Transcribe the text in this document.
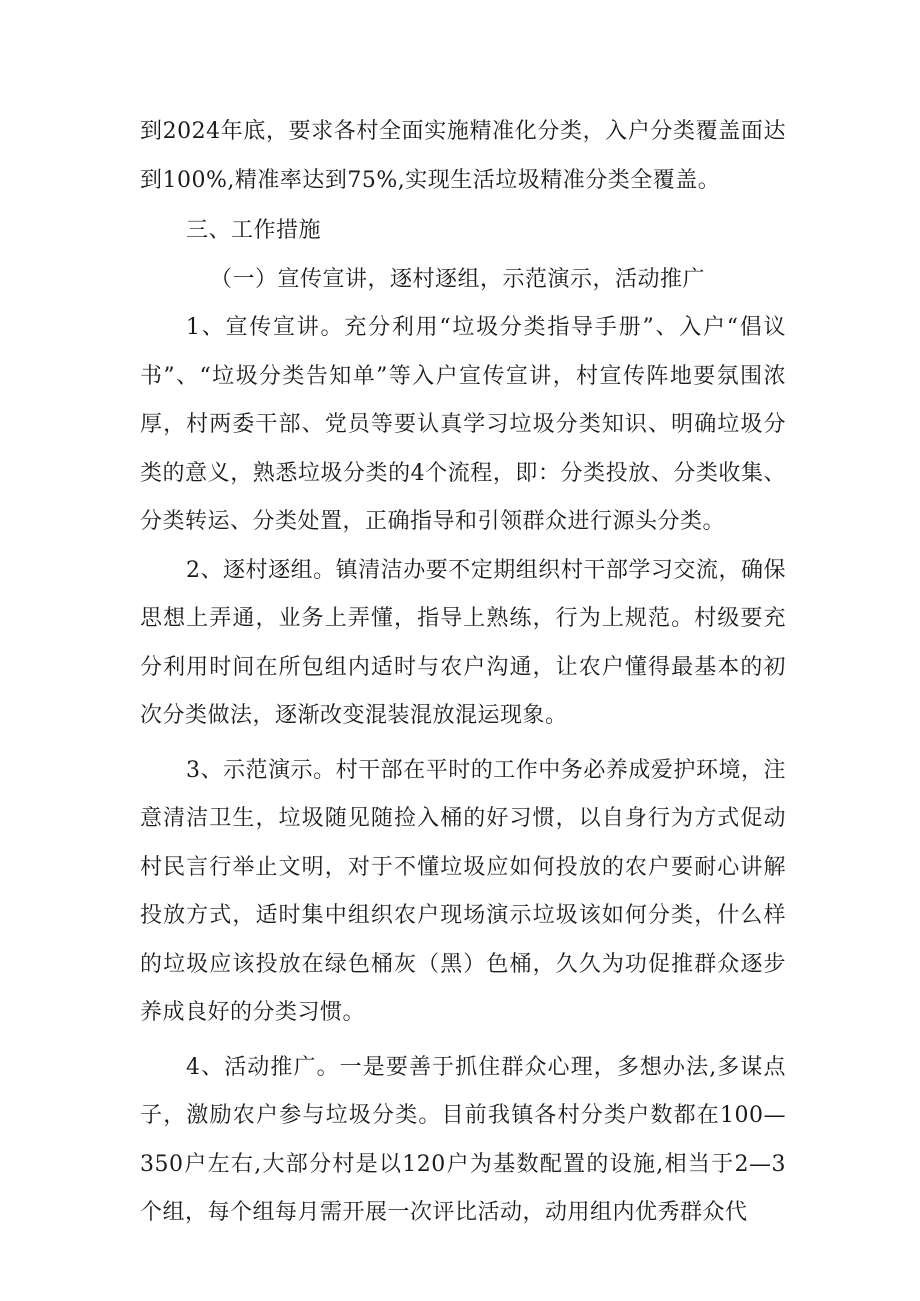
到2024年底，要求各村全面实施精准化分类，入户分类覆盖面达到100%,精准率达到75%,实现生活垃圾精准分类全覆盖。

三、工作措施

（一）宣传宣讲，逐村逐组，示范演示，活动推广

1、宣传宣讲。充分利用“垃圾分类指导手册”、入户“倡议书”、“垃圾分类告知单”等入户宣传宣讲，村宣传阵地要氛围浓厚，村两委干部、党员等要认真学习垃圾分类知识、明确垃圾分类的意义，熟悉垃圾分类的4个流程，即：分类投放、分类收集、分类转运、分类处置，正确指导和引领群众进行源头分类。

2、逐村逐组。镇清洁办要不定期组织村干部学习交流，确保思想上弄通，业务上弄懂，指导上熟练，行为上规范。村级要充分利用时间在所包组内适时与农户沟通，让农户懂得最基本的初次分类做法，逐渐改变混装混放混运现象。

3、示范演示。村干部在平时的工作中务必养成爱护环境，注意清洁卫生，垃圾随见随捡入桶的好习惯，以自身行为方式促动村民言行举止文明，对于不懂垃圾应如何投放的农户要耐心讲解投放方式，适时集中组织农户现场演示垃圾该如何分类，什么样的垃圾应该投放在绿色桶灰（黑）色桶，久久为功促推群众逐步养成良好的分类习惯。

4、活动推广。一是要善于抓住群众心理，多想办法,多谋点子，激励农户参与垃圾分类。目前我镇各村分类户数都在100—350户左右,大部分村是以120户为基数配置的设施,相当于2—3个组，每个组每月需开展一次评比活动，动用组内优秀群众代
